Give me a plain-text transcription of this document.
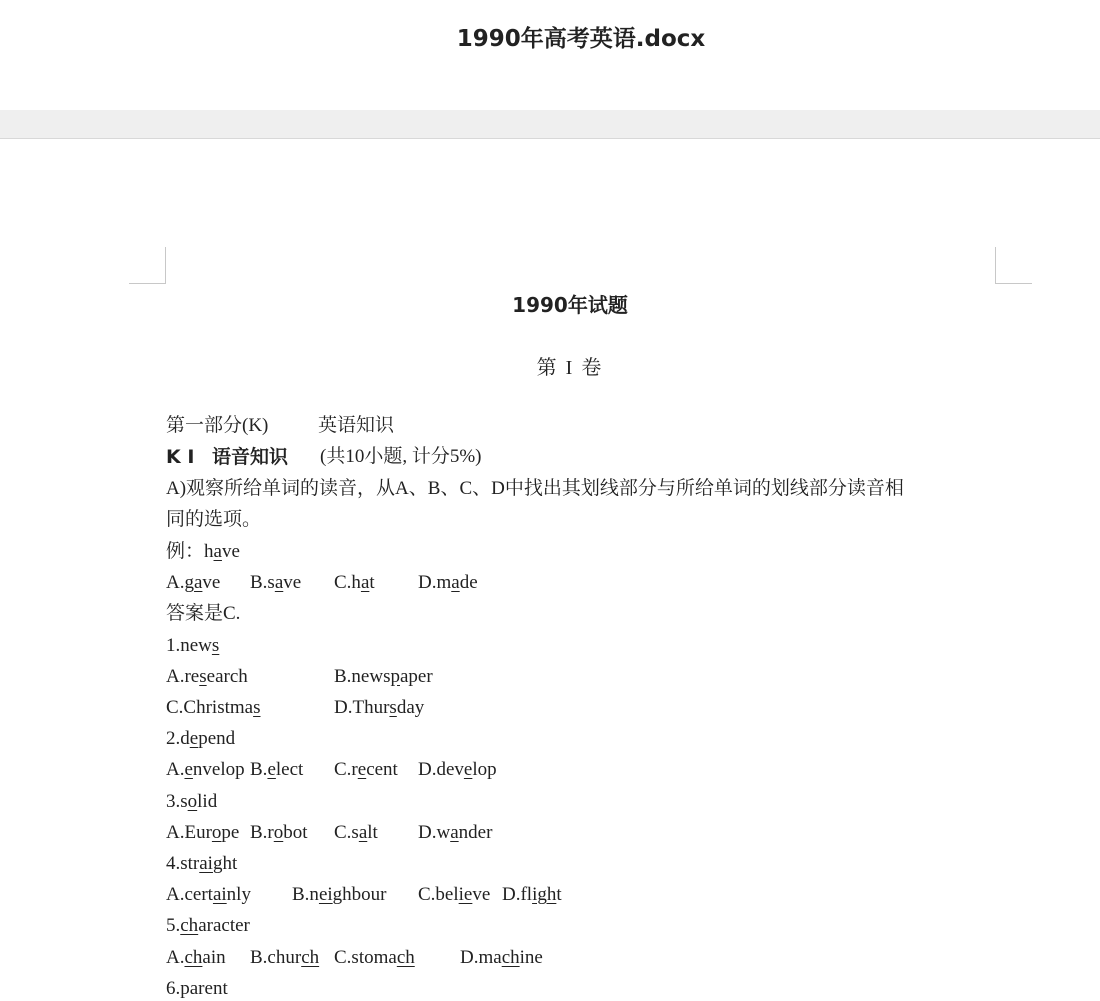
1990年高考英语.docx
1990年试题
第 I 卷
第一部分(K)	英语知识
K I 语音知识 (共10小题, 计分5%)
A)观察所给单词的读音，从A、B、C、D中找出其划线部分与所给单词的划线部分读音相
同的选项。
例：have
A.gave B.save C.hat D.made
答案是C.
1.news
A.research	B.newspaper
C.Christmas	D.Thursday
2.depend
A.envelop B.elect C.recent D.develop
3.solid
A.Europe B.robot C.salt D.wander
4.straight
A.certainly B.neighbour C.believe D.flight
5.character
A.chain B.church C.stomach D.machine
6.parent
